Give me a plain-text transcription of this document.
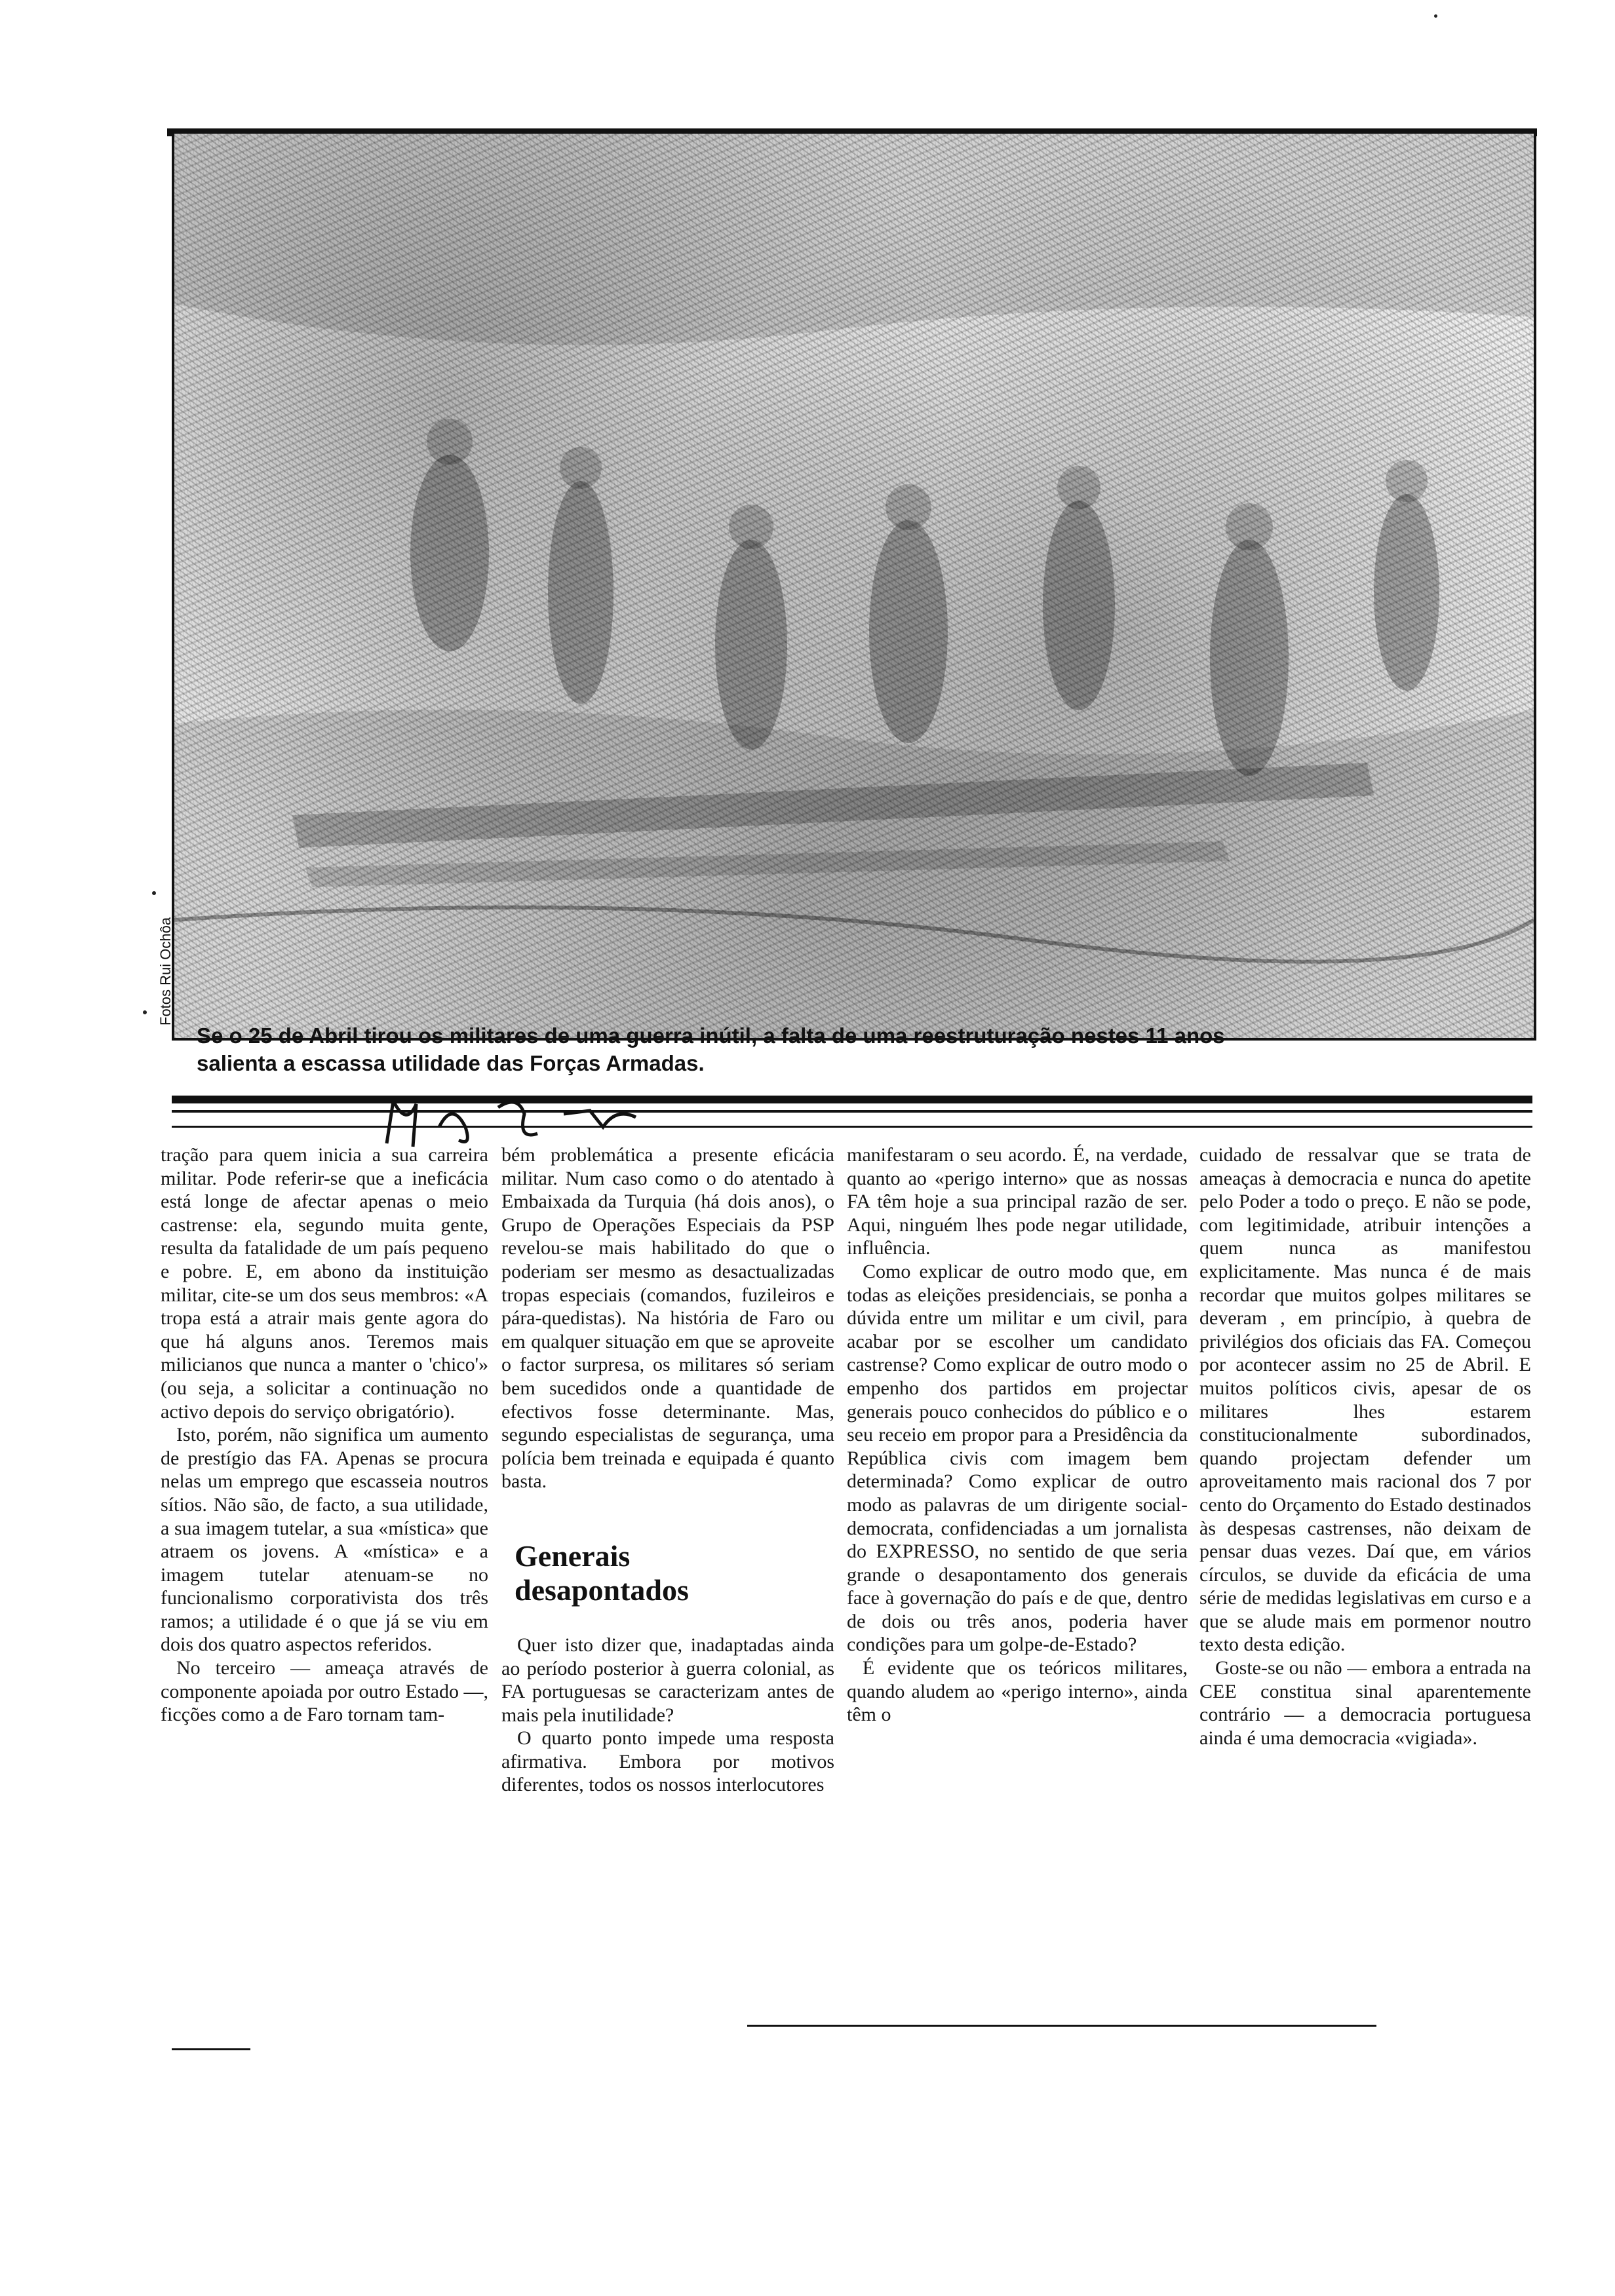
Fotos Rui Ochôa
Se o 25 de Abril tirou os militares de uma guerra inútil, a falta de uma reestruturação nestes 11 anos
salienta a escassa utilidade das Forças Armadas.

tração para quem inicia a sua carreira militar. Pode referir-se que a ineficácia está longe de afectar apenas o meio castrense: ela, segundo muita gente, resulta da fatalidade de um país pequeno e pobre. E, em abono da instituição militar, cite-se um dos seus membros: «A tropa está a atrair mais gente agora do que há alguns anos. Teremos mais milicianos que nunca a manter o 'chico'» (ou seja, a solicitar a continuação no activo depois do serviço obrigatório).

Isto, porém, não significa um aumento de prestígio das FA. Apenas se procura nelas um emprego que escasseia noutros sítios. Não são, de facto, a sua utilidade, a sua imagem tutelar, a sua «mística» que atraem os jovens. A «mística» e a imagem tutelar atenuam-se no funcionalismo corporativista dos três ramos; a utilidade é o que já se viu em dois dos quatro aspectos referidos.

No terceiro — ameaça através de componente apoiada por outro Estado —, ficções como a de Faro tornam tam-

bém problemática a presente eficácia militar. Num caso como o do atentado à Embaixada da Turquia (há dois anos), o Grupo de Operações Especiais da PSP revelou-se mais habilitado do que o poderiam ser mesmo as desactualizadas tropas especiais (comandos, fuzileiros e pára-quedistas). Na história de Faro ou em qualquer situação em que se aproveite o factor surpresa, os militares só seriam bem sucedidos onde a quantidade de efectivos fosse determinante. Mas, segundo especialistas de segurança, uma polícia bem treinada e equipada é quanto basta.

Generais
desapontados

Quer isto dizer que, inadaptadas ainda ao período posterior à guerra colonial, as FA portuguesas se caracterizam antes de mais pela inutilidade?

O quarto ponto impede uma resposta afirmativa. Embora por motivos diferentes, todos os nossos interlocutores

manifestaram o seu acordo. É, na verdade, quanto ao «perigo interno» que as nossas FA têm hoje a sua principal razão de ser. Aqui, ninguém lhes pode negar utilidade, influência.

Como explicar de outro modo que, em todas as eleições presidenciais, se ponha a dúvida entre um militar e um civil, para acabar por se escolher um candidato castrense? Como explicar de outro modo o empenho dos partidos em projectar generais pouco conhecidos do público e o seu receio em propor para a Presidência da República civis com imagem bem determinada? Como explicar de outro modo as palavras de um dirigente social-democrata, confidenciadas a um jornalista do EXPRESSO, no sentido de que seria grande o desapontamento dos generais face à governação do país e de que, dentro de dois ou três anos, poderia haver condições para um golpe-de-Estado?

É evidente que os teóricos militares, quando aludem ao «perigo interno», ainda têm o

cuidado de ressalvar que se trata de ameaças à democracia e nunca do apetite pelo Poder a todo o preço. E não se pode, com legitimidade, atribuir intenções a quem nunca as manifestou explicitamente. Mas nunca é de mais recordar que muitos golpes militares se deveram , em princípio, à quebra de privilégios dos oficiais das FA. Começou por acontecer assim no 25 de Abril. E muitos políticos civis, apesar de os militares lhes estarem constitucionalmente subordinados, quando projectam defender um aproveitamento mais racional dos 7 por cento do Orçamento do Estado destinados às despesas castrenses, não deixam de pensar duas vezes. Daí que, em vários círculos, se duvide da eficácia de uma série de medidas legislativas em curso e a que se alude mais em pormenor noutro texto desta edição.

Goste-se ou não — embora a entrada na CEE constitua sinal aparentemente contrário — a democracia portuguesa ainda é uma democracia «vigiada».
